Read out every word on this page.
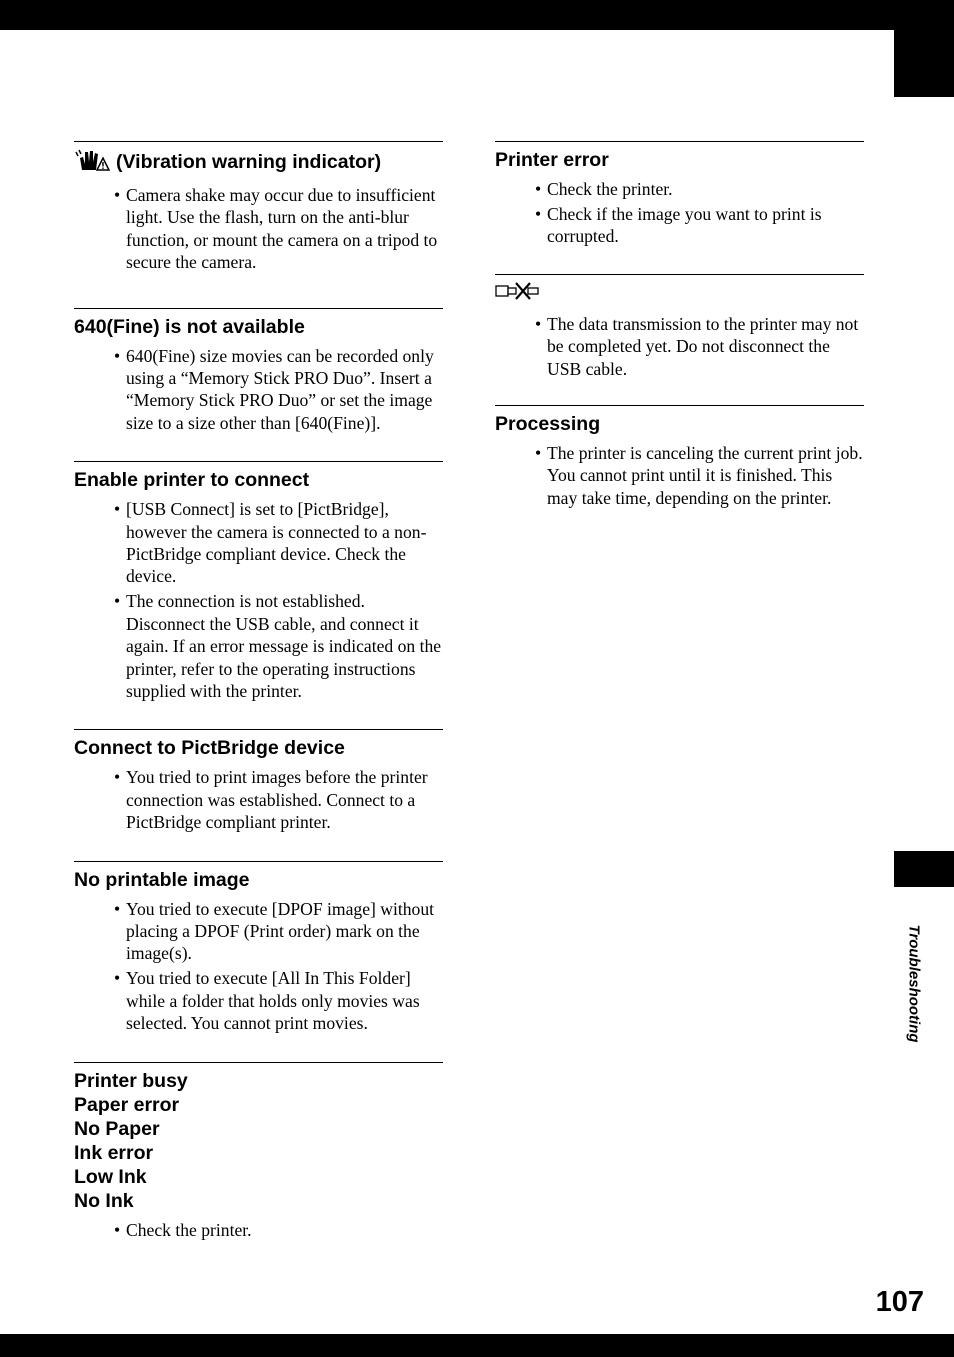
Troubleshooting
(Vibration warning indicator)
• Camera shake may occur due to insufficient light. Use the flash, turn on the anti-blur function, or mount the camera on a tripod to secure the camera.
640(Fine) is not available
• 640(Fine) size movies can be recorded only using a “Memory Stick PRO Duo”. Insert a “Memory Stick PRO Duo” or set the image size to a size other than [640(Fine)].
Enable printer to connect
• [USB Connect] is set to [PictBridge], however the camera is connected to a non-PictBridge compliant device. Check the device.
• The connection is not established. Disconnect the USB cable, and connect it again. If an error message is indicated on the printer, refer to the operating instructions supplied with the printer.
Connect to PictBridge device
• You tried to print images before the printer connection was established. Connect to a PictBridge compliant printer.
No printable image
• You tried to execute [DPOF image] without placing a DPOF (Print order) mark on the image(s).
• You tried to execute [All In This Folder] while a folder that holds only movies was selected. You cannot print movies.
Printer busy
Paper error
No Paper
Ink error
Low Ink
No Ink
• Check the printer.
Printer error
• Check the printer.
• Check if the image you want to print is corrupted.
• The data transmission to the printer may not be completed yet. Do not disconnect the USB cable.
Processing
• The printer is canceling the current print job. You cannot print until it is finished. This may take time, depending on the printer.
107
